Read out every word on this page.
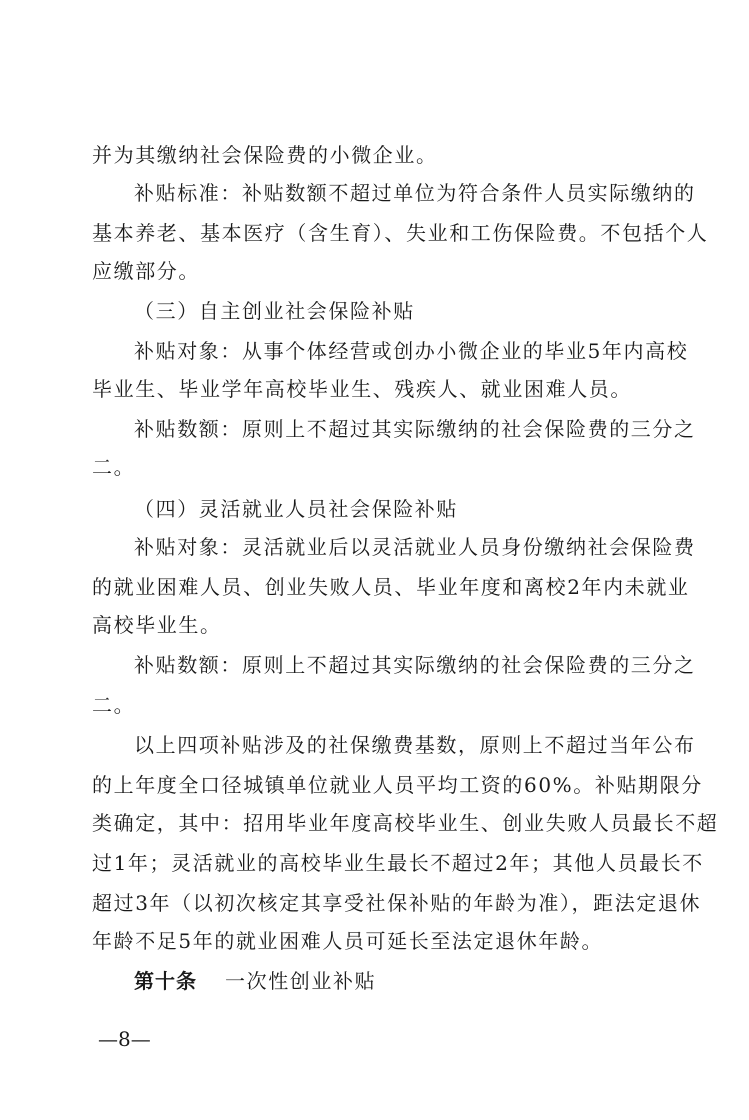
并为其缴纳社会保险费的小微企业。
补贴标准：补贴数额不超过单位为符合条件人员实际缴纳的
基本养老、基本医疗（含生育）、失业和工伤保险费。不包括个人
应缴部分。
（三）自主创业社会保险补贴
补贴对象：从事个体经营或创办小微企业的毕业5年内高校
毕业生、毕业学年高校毕业生、残疾人、就业困难人员。
补贴数额：原则上不超过其实际缴纳的社会保险费的三分之
二。
（四）灵活就业人员社会保险补贴
补贴对象：灵活就业后以灵活就业人员身份缴纳社会保险费
的就业困难人员、创业失败人员、毕业年度和离校2年内未就业
高校毕业生。
补贴数额：原则上不超过其实际缴纳的社会保险费的三分之
二。
以上四项补贴涉及的社保缴费基数，原则上不超过当年公布
的上年度全口径城镇单位就业人员平均工资的60%。补贴期限分
类确定，其中：招用毕业年度高校毕业生、创业失败人员最长不超
过1年；灵活就业的高校毕业生最长不超过2年；其他人员最长不
超过3年（以初次核定其享受社保补贴的年龄为准），距法定退休
年龄不足5年的就业困难人员可延长至法定退休年龄。
第十条 一次性创业补贴
—8—
